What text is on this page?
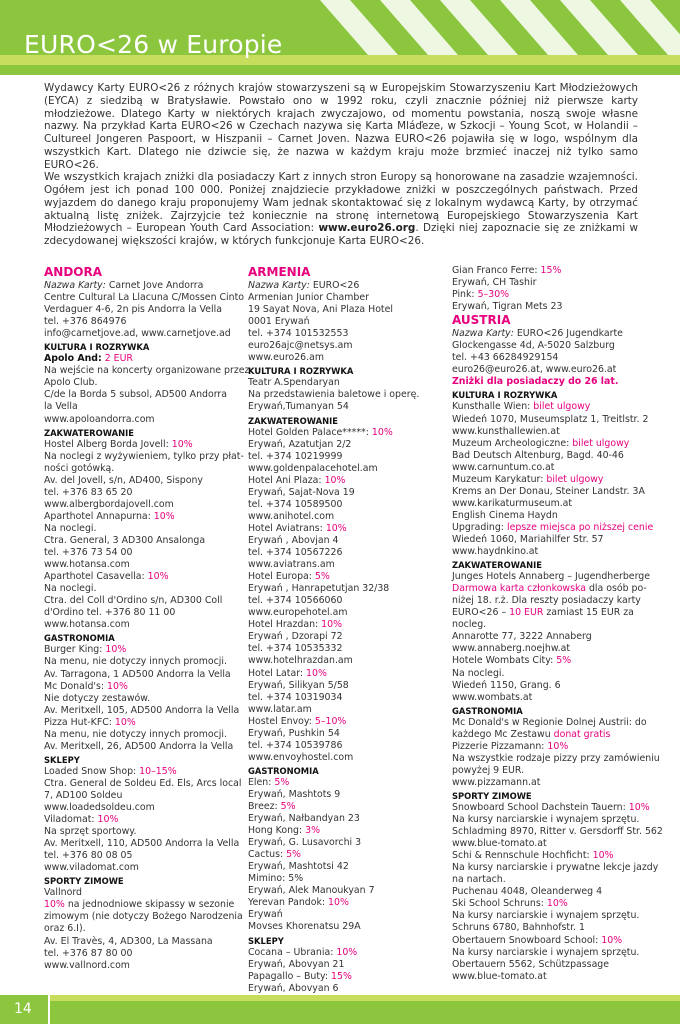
EURO<26 w Europie

Wydawcy Karty EURO<26 z różnych krajów stowarzyszeni są w Europejskim Stowarzyszeniu Kart Młodzieżowych (EYCA) z siedzibą w Bratysławie. Powstało ono w 1992 roku, czyli znacznie później niż pierwsze karty młodzieżowe. Dlatego Karty w niektórych krajach zwyczajowo, od momentu powstania, noszą swoje własne nazwy. Na przykład Karta EURO<26 w Czechach nazywa się Karta Mláďeze, w Szkocji – Young Scot, w Holandii – Cultureel Jongeren Paspoort, w Hiszpanii – Carnet Joven. Nazwa EURO<26 pojawiła się w logo, wspólnym dla wszystkich Kart. Dlatego nie dziwcie się, że nazwa w każdym kraju może brzmieć inaczej niż tylko samo EURO<26.

We wszystkich krajach zniżki dla posiadaczy Kart z innych stron Europy są honorowane na zasadzie wzajemności. Ogółem jest ich ponad 100 000. Poniżej znajdziecie przykładowe zniżki w poszczególnych państwach. Przed wyjazdem do danego kraju proponujemy Wam jednak skontaktować się z lokalnym wydawcą Karty, by otrzymać aktualną listę zniżek. Zajrzyjcie też koniecznie na stronę internetową Europejskiego Stowarzyszenia Kart Młodzieżowych – European Youth Card Association: www.euro26.org. Dzięki niej zapoznacie się ze zniżkami w zdecydowanej większości krajów, w których funkcjonuje Karta EURO<26.

ANDORA
Nazwa Karty: Carnet Jove Andorra
Centre Cultural La Llacuna C/Mossen Cinto
Verdaguer 4-6, 2n pis Andorra la Vella
tel. +376 864976
info@carnetjove.ad, www.carnetjove.ad
KULTURA I ROZRYWKA
Apolo And: 2 EUR
Na wejście na koncerty organizowane przez
Apolo Club.
C/de la Borda 5 subsol, AD500 Andorra
la Vella
www.apoloandorra.com
ZAKWATEROWANIE
Hostel Alberg Borda Jovell: 10%
Na noclegi z wyżywieniem, tylko przy płat-
ności gotówką.
Av. del Jovell, s/n, AD400, Sispony
tel. +376 83 65 20
www.albergbordajovell.com
Aparthotel Annapurna: 10%
Na noclegi.
Ctra. General, 3 AD300 Ansalonga
tel. +376 73 54 00
www.hotansa.com
Aparthotel Casavella: 10%
Na noclegi.
Ctra. del Coll d'Ordino s/n, AD300 Coll
d'Ordino tel. +376 80 11 00
www.hotansa.com
GASTRONOMIA
Burger King: 10%
Na menu, nie dotyczy innych promocji.
Av. Tarragona, 1 AD500 Andorra la Vella
Mc Donald's: 10%
Nie dotyczy zestawów.
Av. Meritxell, 105, AD500 Andorra la Vella
Pizza Hut-KFC: 10%
Na menu, nie dotyczy innych promocji.
Av. Meritxell, 26, AD500 Andorra la Vella
SKLEPY
Loaded Snow Shop: 10–15%
Ctra. General de Soldeu Ed. Els, Arcs local
7, AD100 Soldeu
www.loadedsoldeu.com
Viladomat: 10%
Na sprzęt sportowy.
Av. Meritxell, 110, AD500 Andorra la Vella
tel. +376 80 08 05
www.viladomat.com
SPORTY ZIMOWE
Vallnord
10% na jednodniowe skipassy w sezonie
zimowym (nie dotyczy Bożego Narodzenia
oraz 6.I).
Av. El Travès, 4, AD300, La Massana
tel. +376 87 80 00
www.vallnord.com
ARMENIA
Nazwa Karty: EURO<26
Armenian Junior Chamber
19 Sayat Nova, Ani Plaza Hotel
0001 Erywań
tel. +374 101532553
euro26ajc@netsys.am
www.euro26.am
KULTURA I ROZRYWKA
Teatr A.Spendaryan
Na przedstawienia baletowe i operę.
Erywań,Tumanyan 54
ZAKWATEROWANIE
Hotel Golden Palace*****: 10%
Erywań, Azatutjan 2/2
tel. +374 10219999
www.goldenpalacehotel.am
Hotel Ani Plaza: 10%
Erywań, Sajat-Nova 19
tel. +374 10589500
www.anihotel.com
Hotel Aviatrans: 10%
Erywań , Abovjan 4
tel. +374 10567226
www.aviatrans.am
Hotel Europa: 5%
Erywań , Hanrapetutjan 32/38
tel. +374 10566060
www.europehotel.am
Hotel Hrazdan: 10%
Erywań , Dzorapi 72
tel. +374 10535332
www.hotelhrazdan.am
Hotel Latar: 10%
Erywań, Silikyan 5/58
tel. +374 10319034
www.latar.am
Hostel Envoy: 5–10%
Erywań, Pushkin 54
tel. +374 10539786
www.envoyhostel.com
GASTRONOMIA
Elen: 5%
Erywań, Mashtots 9
Breez: 5%
Erywań, Nałbandyan 23
Hong Kong: 3%
Erywań, G. Lusavorchi 3
Cactus: 5%
Erywań, Mashtotsi 42
Mimino: 5%
Erywań, Alek Manoukyan 7
Yerevan Pandok: 10%
Erywań
Movses Khorenatsu 29A
SKLEPY
Cocana – Ubrania: 10%
Erywań, Abovyan 21
Papagallo – Buty: 15%
Erywań, Abovyan 6
Gian Franco Ferre: 15%
Erywań, CH Tashir
Pink: 5–30%
Erywań, Tigran Mets 23
AUSTRIA
Nazwa Karty: EURO<26 Jugendkarte
Glockengasse 4d, A-5020 Salzburg
tel. +43 66284929154
euro26@euro26.at, www.euro26.at
Zniżki dla posiadaczy do 26 lat.
KULTURA I ROZRYWKA
Kunsthalle Wien: bilet ulgowy
Wiedeń 1070, Museumsplatz 1, Treitlstr. 2
www.kunsthallewien.at
Muzeum Archeologiczne: bilet ulgowy
Bad Deutsch Altenburg, Bagd. 40-46
www.carnuntum.co.at
Muzeum Karykatur: bilet ulgowy
Krems an Der Donau, Steiner Landstr. 3A
www.karikaturmuseum.at
English Cinema Haydn
Upgrading: lepsze miejsca po niższej cenie
Wiedeń 1060, Mariahilfer Str. 57
www.haydnkino.at
ZAKWATEROWANIE
Junges Hotels Annaberg – Jugendherberge
Darmowa karta członkowska dla osób po-
niżej 18. r.ż. Dla reszty posiadaczy karty
EURO<26 – 10 EUR zamiast 15 EUR za
nocleg.
Annarotte 77, 3222 Annaberg
www.annaberg.noejhw.at
Hotele Wombats City: 5%
Na noclegi.
Wiedeń 1150, Grang. 6
www.wombats.at
GASTRONOMIA
Mc Donald's w Regionie Dolnej Austrii: do
każdego Mc Zestawu donat gratis
Pizzerie Pizzamann: 10%
Na wszystkie rodzaje pizzy przy zamówieniu
powyżej 9 EUR.
www.pizzamann.at
SPORTY ZIMOWE
Snowboard School Dachstein Tauern: 10%
Na kursy narciarskie i wynajem sprzętu.
Schladming 8970, Ritter v. Gersdorff Str. 562
www.blue-tomato.at
Schi & Rennschule Hochficht: 10%
Na kursy narciarskie i prywatne lekcje jazdy
na nartach.
Puchenau 4048, Oleanderweg 4
Ski School Schruns: 10%
Na kursy narciarskie i wynajem sprzętu.
Schruns 6780, Bahnhofstr. 1
Obertauern Snowboard School: 10%
Na kursy narciarskie i wynajem sprzętu.
Obertauern 5562, Schützpassage
www.blue-tomato.at
14
